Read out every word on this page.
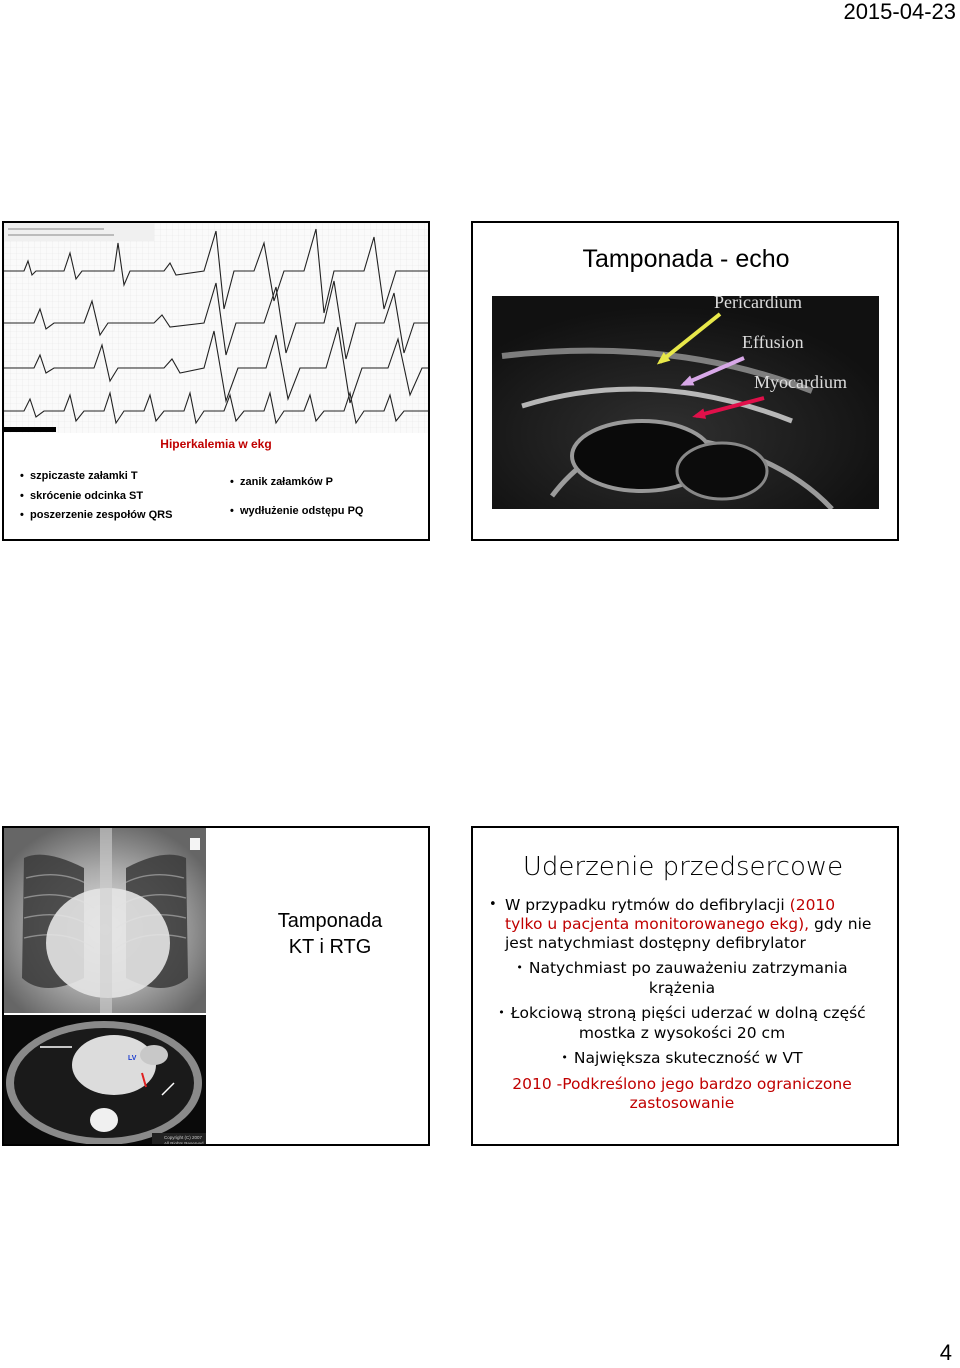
2015-04-23
Hiperkalemia w ekg
• szpiczaste załamki T
• skrócenie odcinka ST
• poszerzenie zespołów QRS
• zanik załamków P
• wydłużenie odstępu PQ
Tamponada - echo
Pericardium
Effusion
Myocardium
LV
Copyright (C) 2007
All Rights Reserved
Tamponada
KT i RTG
Uderzenie przedsercowe
• W przypadku rytmów do defibrylacji (2010 tylko u pacjenta monitorowanego ekg), gdy nie jest natychmiast dostępny defibrylator
• Natychmiast po zauważeniu zatrzymania krążenia
• Łokciową stroną pięści uderzać w dolną część mostka z wysokości 20 cm
• Największa skuteczność w VT
2010 -Podkreślono jego bardzo ograniczone zastosowanie
4
